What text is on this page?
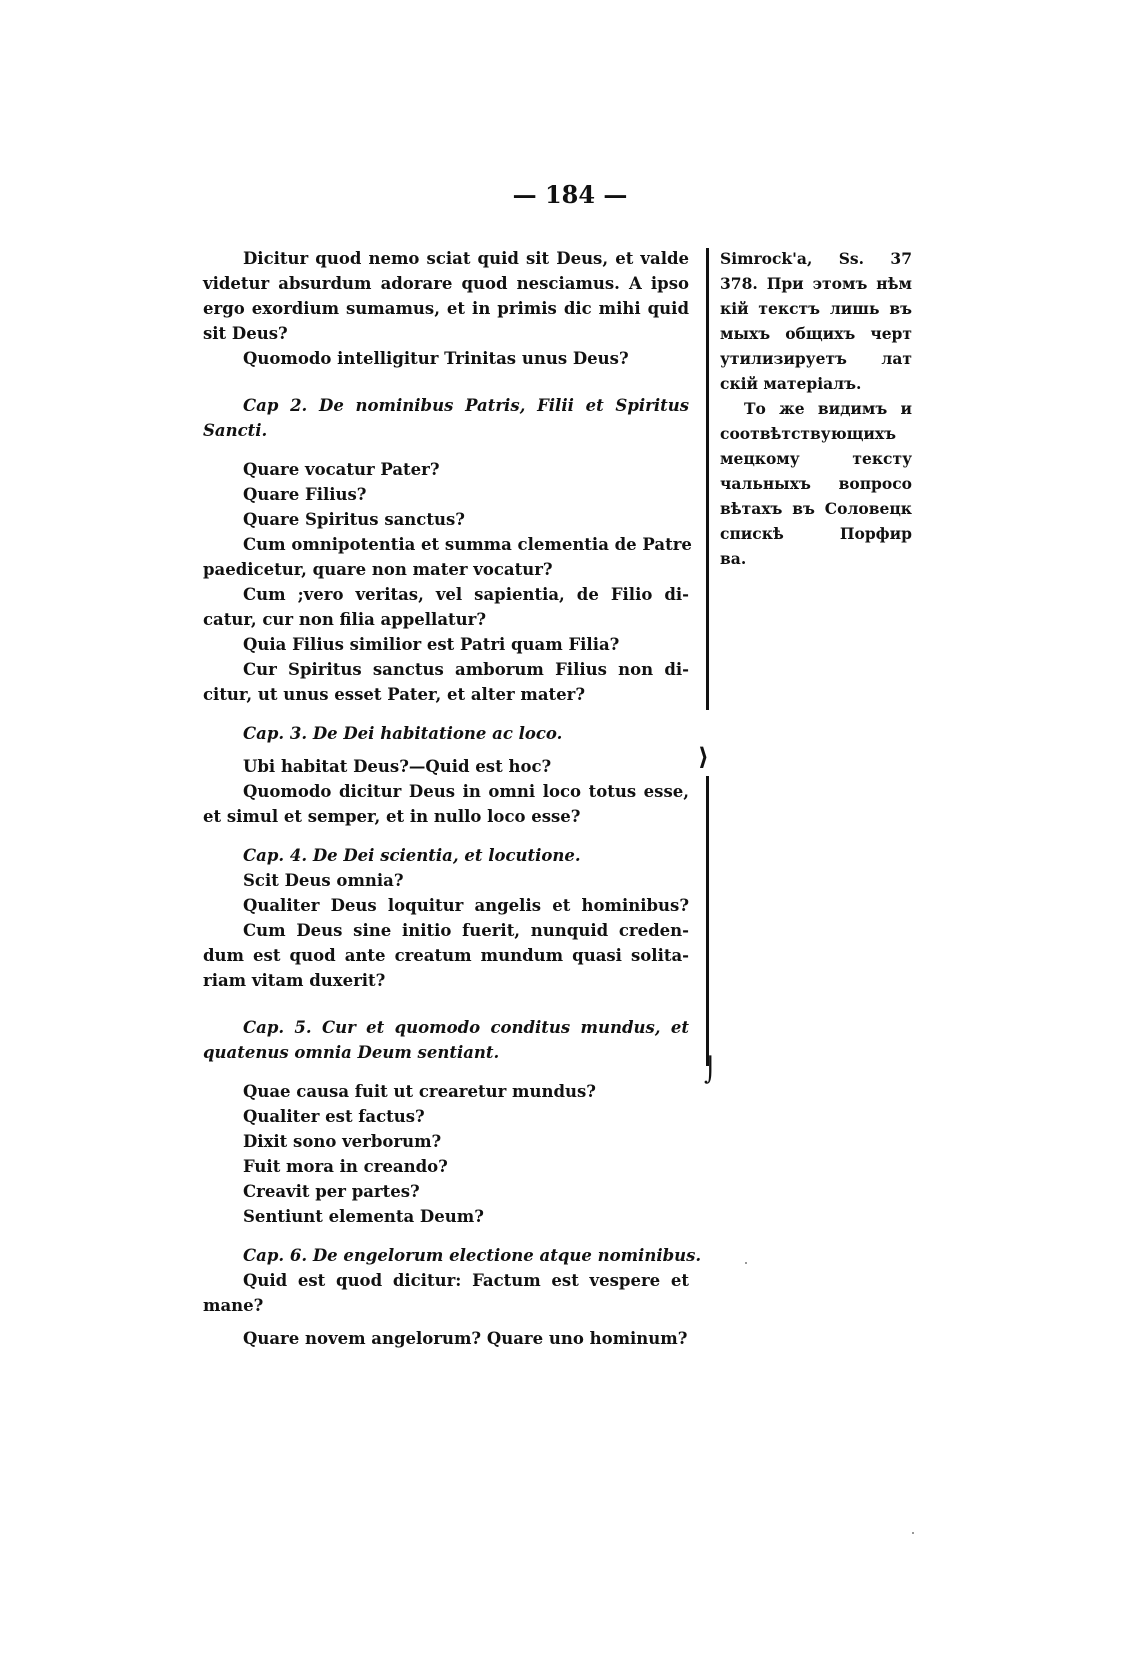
— 184 —
Dicitur quod nemo sciat quid sit Deus, et valde
videtur absurdum adorare quod nesciamus. A ipso
ergo exordium sumamus, et in primis dic mihi quid
sit Deus?
Quomodo intelligitur Trinitas unus Deus?
Cap 2. De nominibus Patris, Filii et Spiritus
Sancti.
Quare vocatur Pater?
Quare Filius?
Quare Spiritus sanctus?
Cum omnipotentia et summa clementia de Patre
paedicetur, quare non mater vocatur?
Cum ;vero veritas, vel sapientia, de Filio di-
catur, cur non filia appellatur?
Quia Filius similior est Patri quam Filia?
Cur Spiritus sanctus amborum Filius non di-
citur, ut unus esset Pater, et alter mater?
Cap. 3. De Dei habitatione ac loco.
Ubi habitat Deus?—Quid est hoc?
Quomodo dicitur Deus in omni loco totus esse,
et simul et semper, et in nullo loco esse?
Cap. 4. De Dei scientia, et locutione.
Scit Deus omnia?
Qualiter Deus loquitur angelis et hominibus?
Cum Deus sine initio fuerit, nunquid creden-
dum est quod ante creatum mundum quasi solita-
riam vitam duxerit?
Cap. 5. Cur et quomodo conditus mundus, et
quatenus omnia Deum sentiant.
Quae causa fuit ut crearetur mundus?
Qualiter est factus?
Dixit sono verborum?
Fuit mora in creando?
Creavit per partes?
Sentiunt elementa Deum?
Cap. 6. De engelorum electione atque nominibus.
Quid est quod dicitur: Factum est vespere et
mane?
Quare novem angelorum? Quare uno hominum?
⟩
⌡
Simrock'a, Ss. 37
378. При этомъ нѣм
кій текстъ лишь въ
мыхъ общихъ черт
утилизируетъ лат
скій матеріалъ.
То же видимъ и
соотвѣтствующихъ
мецкому тексту
чальныхъ вопросо
вѣтахъ въ Соловецк
спискѣ Порфир
ва.
